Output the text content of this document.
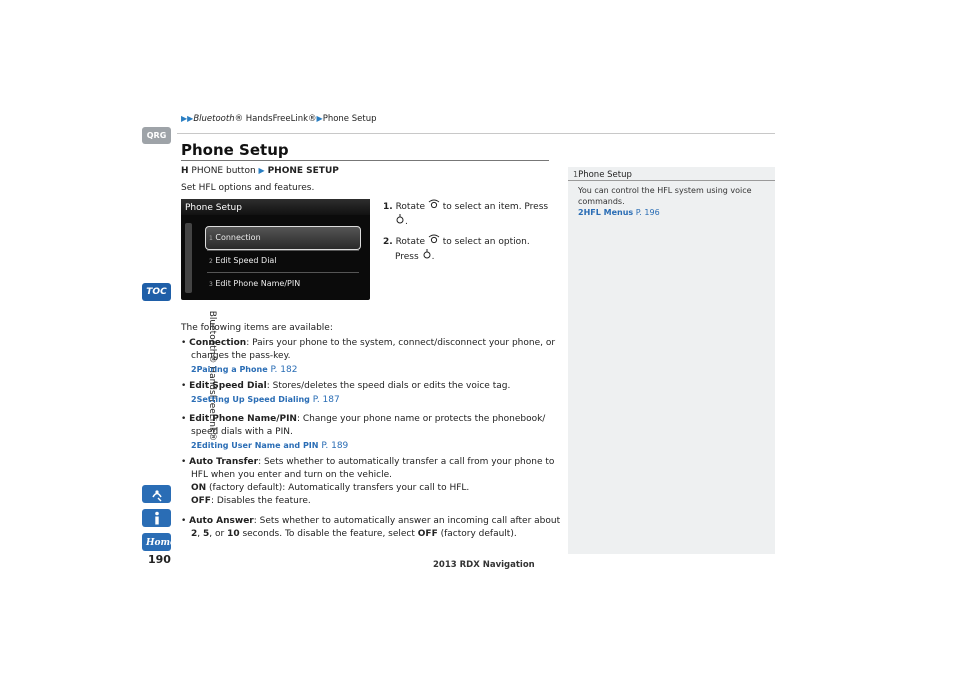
▶▶Bluetooth® HandsFreeLink®▶Phone Setup
QRG
TOC
Bluetooth® HandsFreeLink®
Home
190
Phone Setup
H PHONE button ▶ PHONE SETUP
Set HFL options and features.
Phone Setup
1 Connection
2 Edit Speed Dial
3 Edit Phone Name/PIN
1. Rotate to select an item. Press
.
2. Rotate to select an option.
Press .
The following items are available:
• Connection: Pairs your phone to the system, connect/disconnect your phone, or
changes the pass-key.
2Pairing a Phone P. 182
• Edit Speed Dial: Stores/deletes the speed dials or edits the voice tag.
2Setting Up Speed Dialing P. 187
• Edit Phone Name/PIN: Change your phone name or protects the phonebook/
speed dials with a PIN.
2Editing User Name and PIN P. 189
• Auto Transfer: Sets whether to automatically transfer a call from your phone to
HFL when you enter and turn on the vehicle.
ON (factory default): Automatically transfers your call to HFL.
OFF: Disables the feature.
• Auto Answer: Sets whether to automatically answer an incoming call after about
2, 5, or 10 seconds. To disable the feature, select OFF (factory default).
1Phone Setup
You can control the HFL system using voice
commands.
2HFL Menus P. 196
2013 RDX Navigation
